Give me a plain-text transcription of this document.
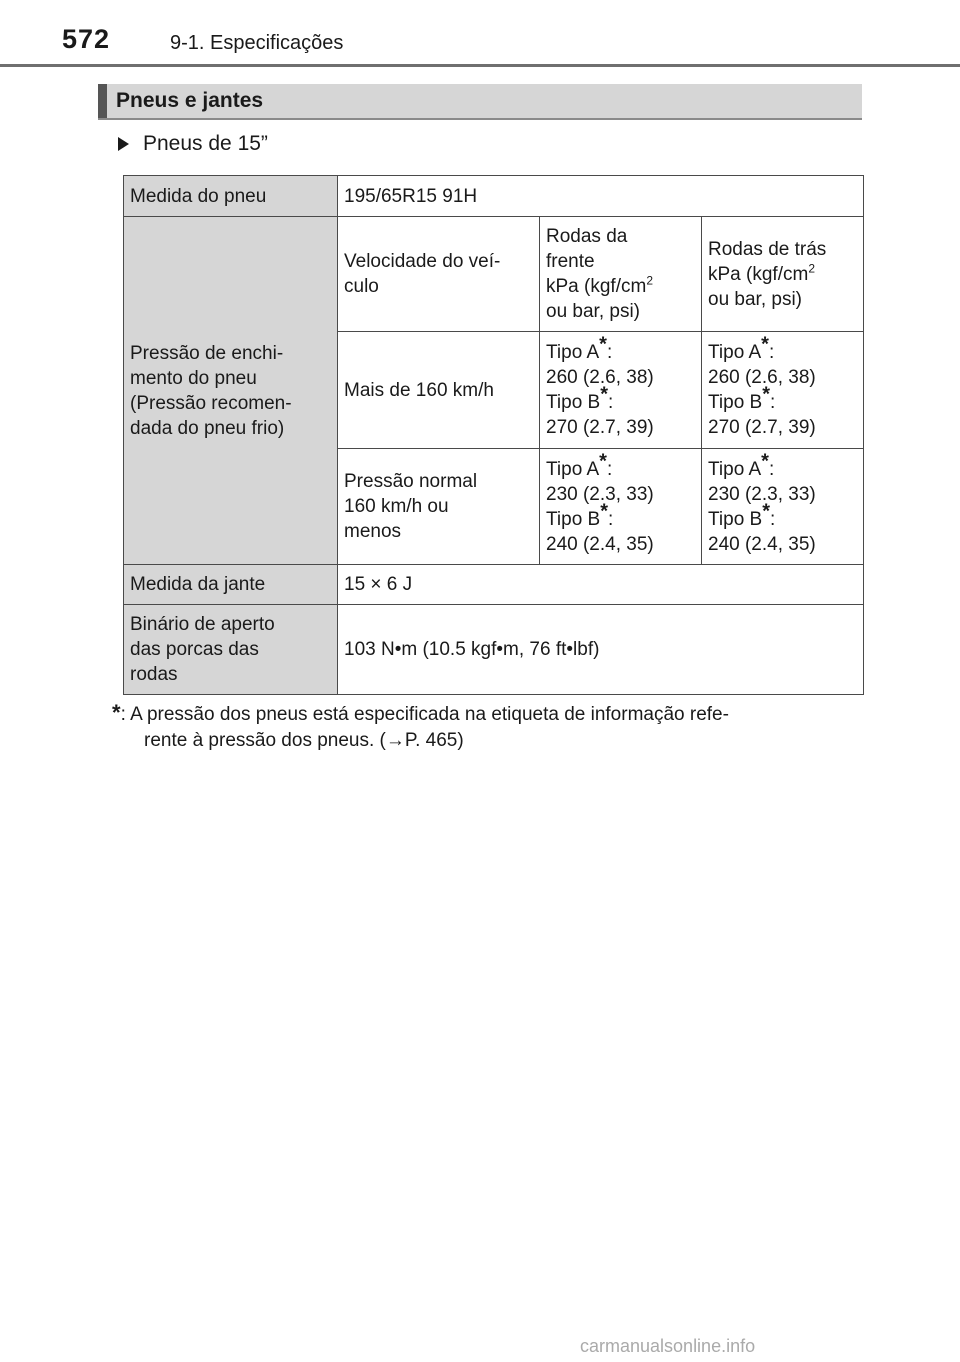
572	9-1. Especificações
Pneus e jantes
Pneus de 15”
Medida do pneu	195/65R15 91H		
Pressão de enchi-
mento do pneu
(Pressão recomen-
dada do pneu frio)	Velocidade do veí-
culo	Rodas da
frente
kPa ($kgf/cm^2$
ou bar, psi)	Rodas de trás
kPa ($kgf/cm^2$
ou bar, psi)
	Mais de 160 km/h	Tipo A*:
260 (2.6, 38)
Tipo B*:
270 (2.7, 39)	Tipo A*:
260 (2.6, 38)
Tipo B*:
270 (2.7, 39)
	Pressão normal
160 km/h ou
menos	Tipo A*:
230 (2.3, 33)
Tipo B*:
240 (2.4, 35)	Tipo A*:
230 (2.3, 33)
Tipo B*:
240 (2.4, 35)
Medida da jante	15 × 6 J		
Binário de aperto
das porcas das
rodas	103 N•m (10.5 kgf•m, 76 ft•lbf)		
*: A pressão dos pneus está especificada na etiqueta de informação refe-
rente à pressão dos pneus. (→P. 465)
carmanualsonline.info
